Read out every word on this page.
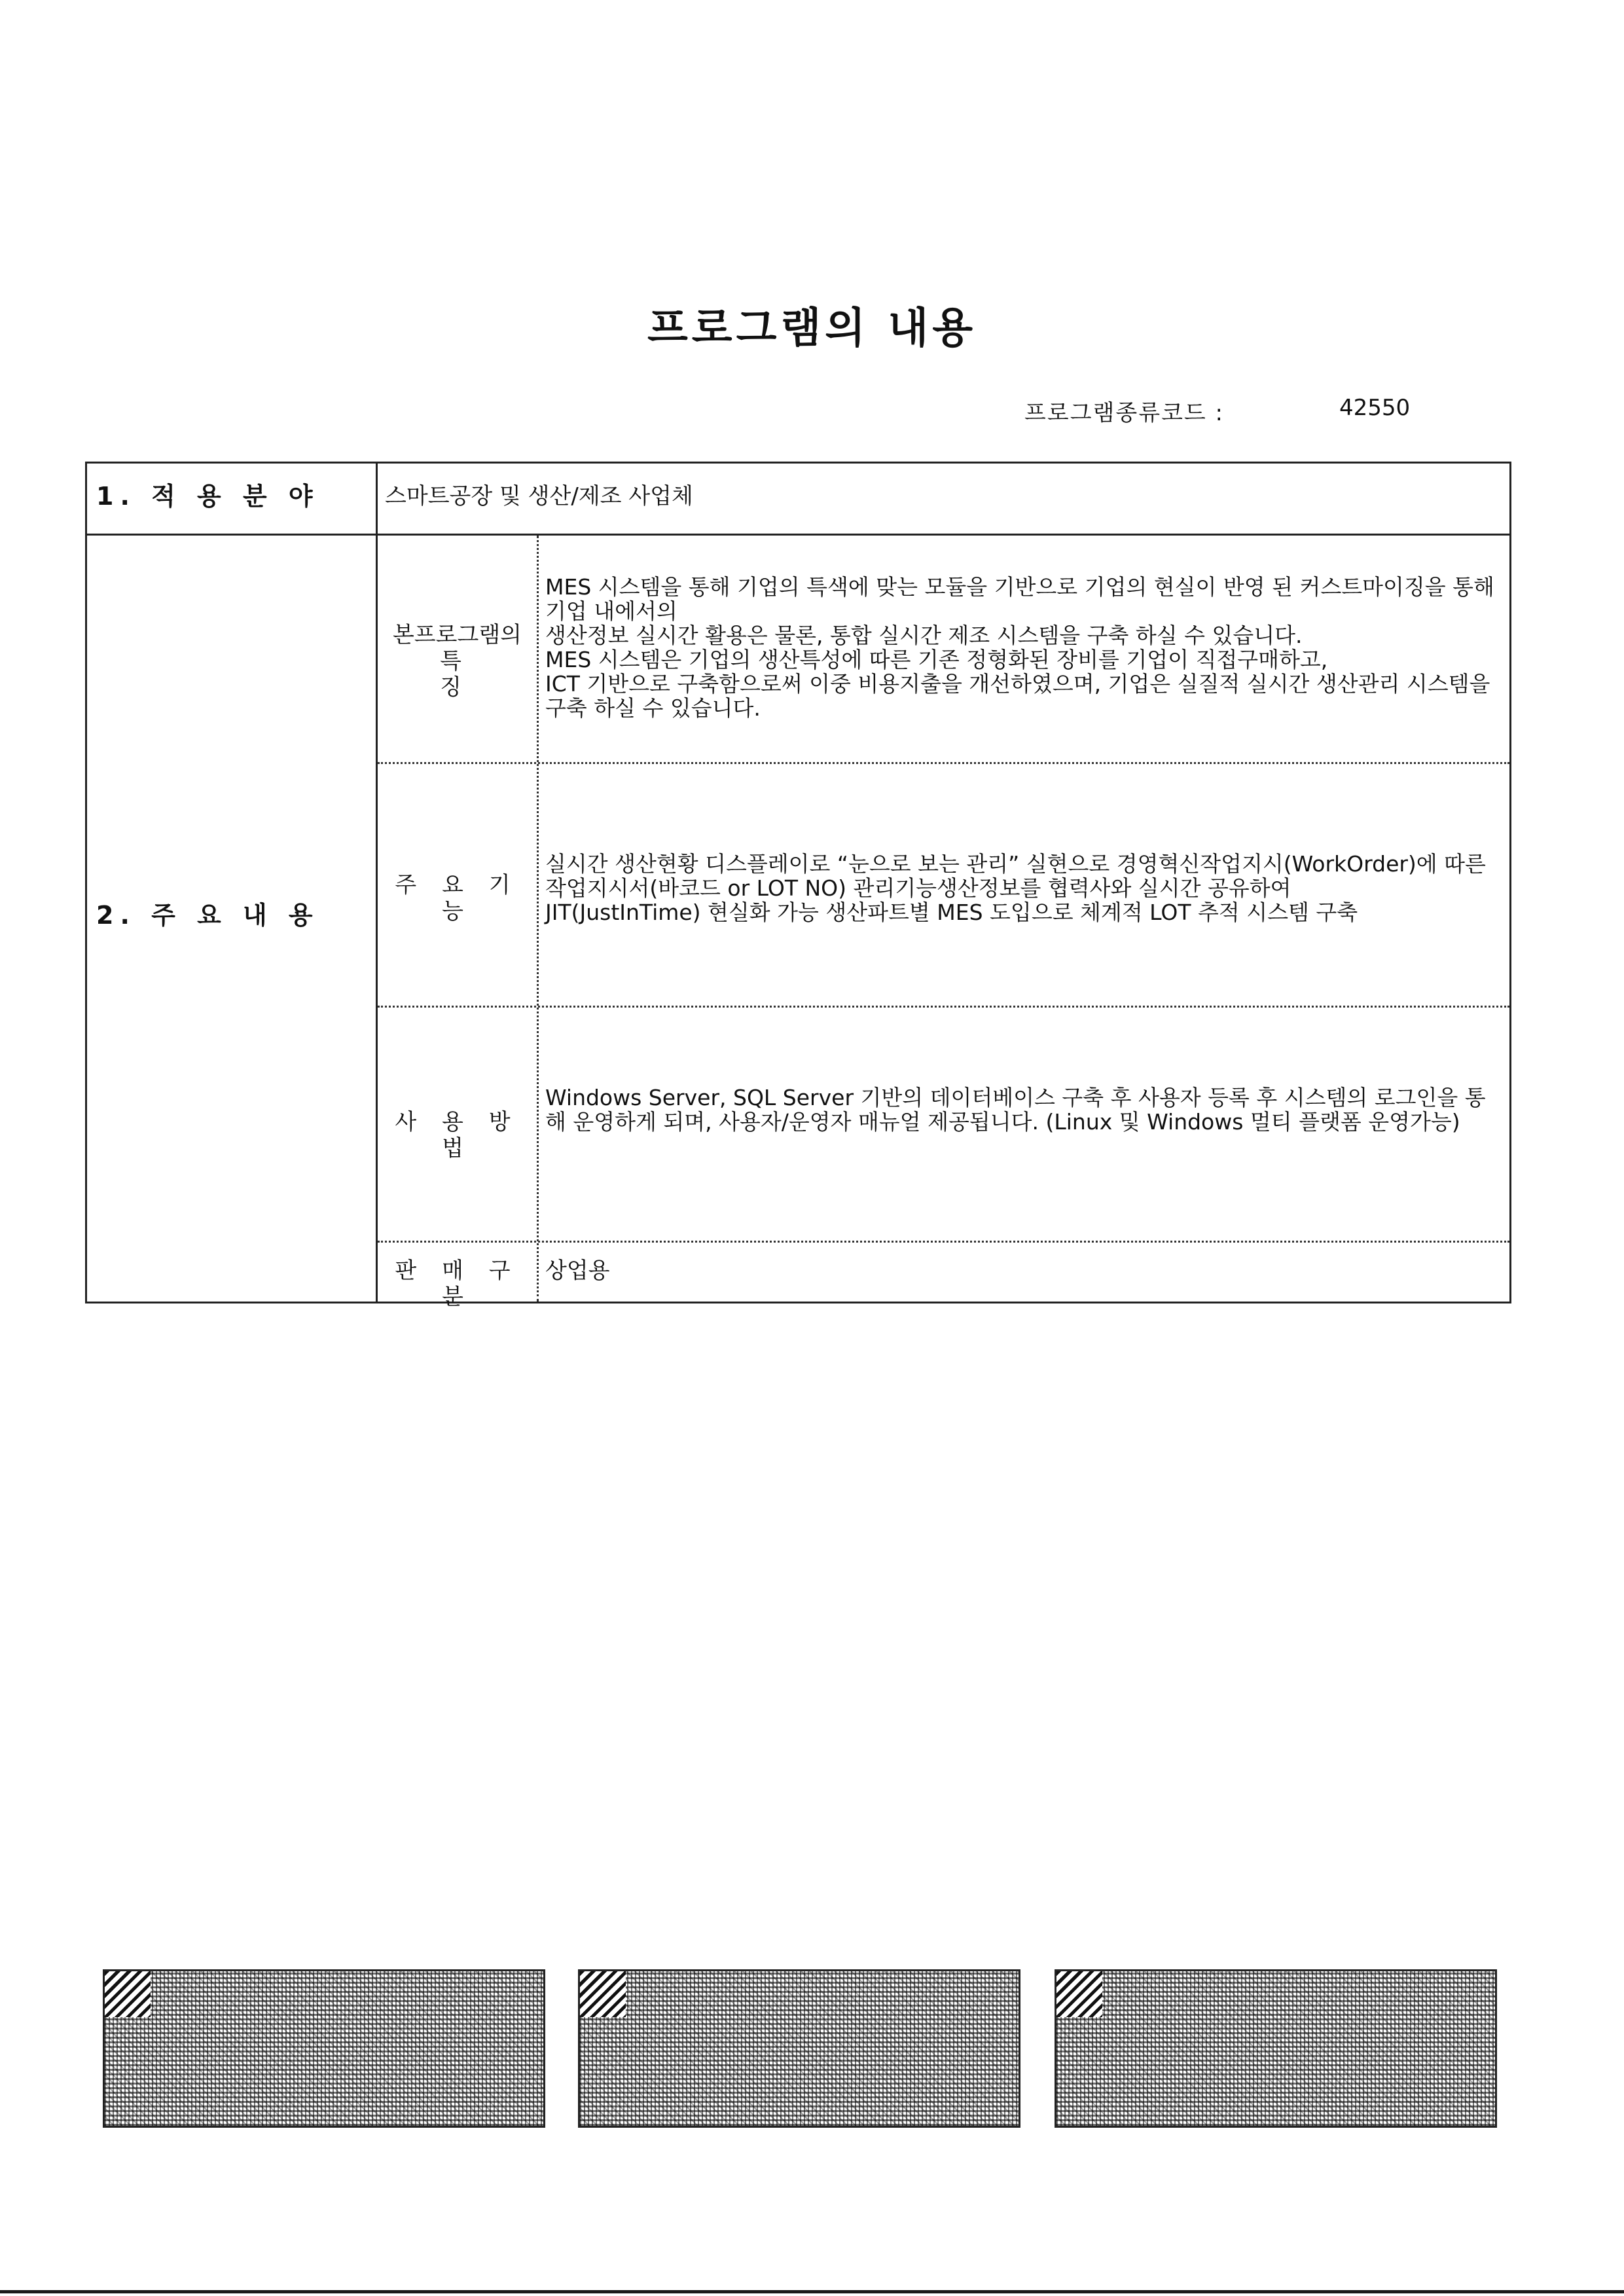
프로그램의 내용
프로그램종류코드 :	42550
1. 적 용 분 야	스마트공장 및 생산/제조 사업체
2. 주 요 내 용
본프로그램의
특 징
MES 시스템을 통해 기업의 특색에 맞는 모듈을 기반으로 기업의 현실이 반영 된 커스트마이징을 통해 기업 내에서의
생산정보 실시간 활용은 물론, 통합 실시간 제조 시스템을 구축 하실 수 있습니다.
MES 시스템은 기업의 생산특성에 따른 기존 정형화된 장비를 기업이 직접구매하고,
ICT 기반으로 구축함으로써 이중 비용지출을 개선하였으며, 기업은 실질적 실시간 생산관리 시스템을 구축 하실 수 있습니다.
주 요 기 능
실시간 생산현황 디스플레이로 “눈으로 보는 관리” 실현으로 경영혁신작업지시(WorkOrder)에 따른 작업지시서(바코드 or LOT NO) 관리기능생산정보를 협력사와 실시간 공유하여
JIT(JustInTime) 현실화 가능 생산파트별 MES 도입으로 체계적 LOT 추적 시스템 구축
사 용 방 법
Windows Server, SQL Server 기반의 데이터베이스 구축 후 사용자 등록 후 시스템의 로그인을 통해 운영하게 되며, 사용자/운영자 매뉴얼 제공됩니다. (Linux 및 Windows 멀티 플랫폼 운영가능)
판 매 구 분
상업용
